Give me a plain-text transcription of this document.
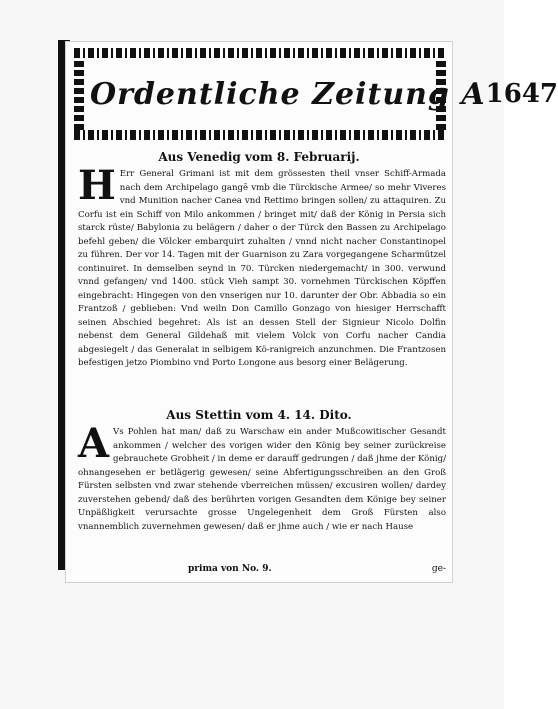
Ordentliche Zeitung A 1647
Aus Venedig vom 8. Februarij.
H Err General Grimani ist mit dem grössesten theil vnser Schiff-Armada nach dem Archipelago gangē vmb die Türckische Armee/ so mehr Viveres vnd Munition nacher Canea vnd Rettimo bringen sollen/ zu attaquiren. Zu Corfu ist ein Schiff von Milo ankommen / bringet mit/ daß der König in Persia sich starck rüste/ Babylonia zu belägern / daher o der Türck den Bassen zu Archipelago befehl geben/ die Völcker embarquirt zuhalten / vnnd nicht nacher Constantinopel zu führen. Der vor 14. Tagen mit der Guarnison zu Zara vorgegangene Scharmützel continuiret. In demselben seynd in 70. Türcken niedergemacht/ in 300. verwund vnnd gefangen/ vnd 1400. stück Vieh sampt 30. vornehmen Türckischen Köpffen eingebracht: Hingegen von den vnserigen nur 10. darunter der Obr. Abbadia so ein Frantzoß / geblieben: Vnd weiln Don Camillo Gonzago von hiesiger Herrschafft seinen Abschied begehret: Als ist an dessen Stell der Signieur Nicolo Dolfin nebenst dem General Gildehaß mit vielem Volck von Corfu nacher Candia abgesiegelt / das Generalat in selbigem Kö-ranigreich anzunchmen. Die Frantzosen befestigen jetzo Piombino vnd Porto Longone aus besorg einer Belägerung.
Aus Stettin vom 4. 14. Dito.
A Vs Pohlen hat man/ daß zu Warschaw ein ander Mußcowitischer Gesandt ankommen / welcher des vorigen wider den König bey seiner zurückreise gebrauchete Grobheit / in deme er darauff gedrungen / daß jhme der König/ ohnangesehen er betlägerig gewesen/ seine Abfertigungsschreiben an den Groß Fürsten selbsten vnd zwar stehende vberreichen müssen/ excusiren wollen/ dardey zuverstehen gebend/ daß des berührten vorigen Gesandten dem Könige bey seiner Unpäßligkeit verursachte grosse Ungelegenheit dem Groß Fürsten also vnannemblich zuvernehmen gewesen/ daß er jhme auch / wie er nach Hause
prima von No. 9.	ge-
